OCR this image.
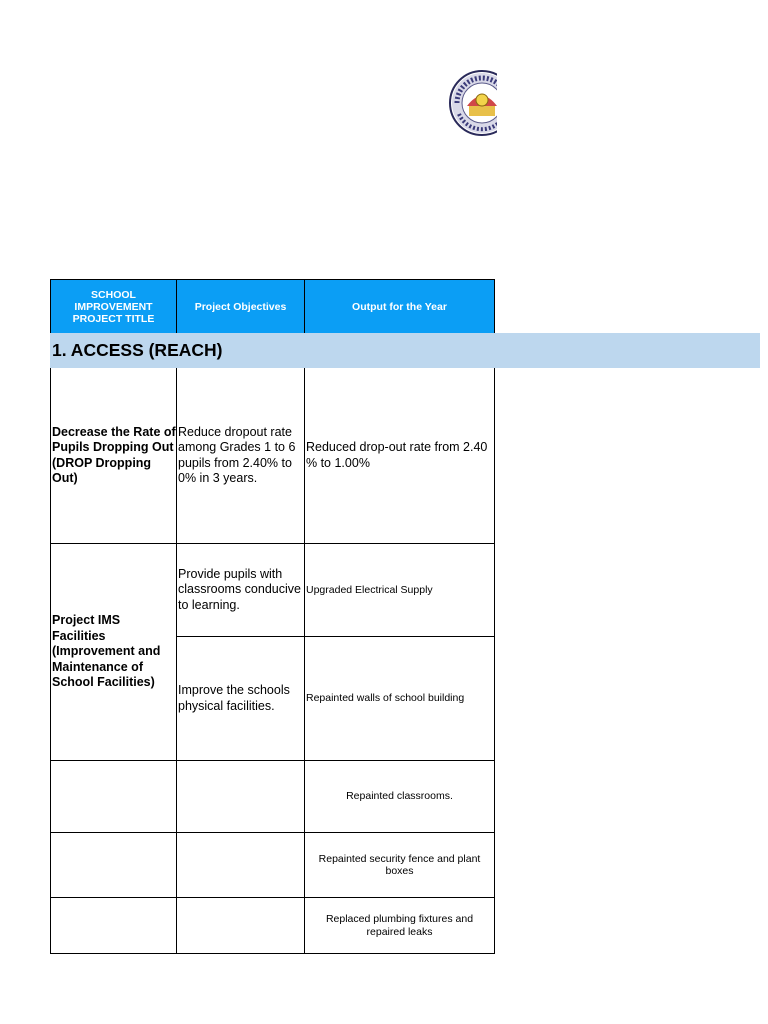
SCHOOL IMPROVEMENT PROJECT TITLE
Project Objectives	Output for the Year
Decrease the Rate of Pupils Dropping Out
(DROP Dropping Out)
Reduce dropout rate among Grades 1 to 6 pupils from 2.40% to 0% in 3 years.
Reduced drop-out rate from 2.40 % to 1.00%
Project IMS Facilities (Improvement and Maintenance of School Facilities)
Provide pupils with classrooms conducive to learning.
Upgraded Electrical Supply
Improve the schools physical facilities.
Repainted walls of school building
Repainted classrooms.
Repainted security fence and plant boxes
Replaced plumbing fixtures and repaired leaks
1. ACCESS (REACH)
